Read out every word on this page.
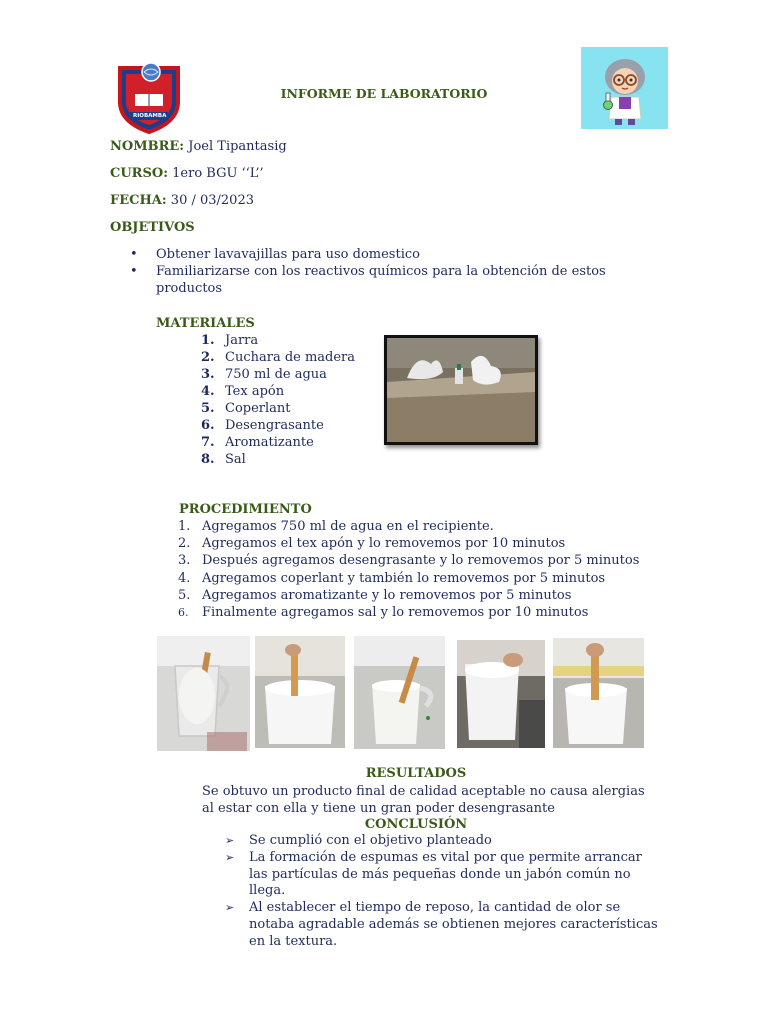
RIOBAMBA
INFORME DE LABORATORIO
NOMBRE: Joel Tipantasig
CURSO: 1ero BGU ‘‘L’’
FECHA: 30 / 03/2023
OBJETIVOS
• Obtener lavavajillas para uso domestico
• Familiarizarse con los reactivos químicos para la obtención de estos productos
MATERIALES
1. Jarra
2. Cuchara de madera
3. 750 ml de agua
4. Tex apón
5. Coperlant
6. Desengrasante
7. Aromatizante
8. Sal
PROCEDIMIENTO
1. Agregamos 750 ml de agua en el recipiente.
2. Agregamos el tex apón y lo removemos por 10 minutos
3. Después agregamos desengrasante y lo removemos por 5 minutos
4. Agregamos coperlant y también lo removemos por 5 minutos
5. Agregamos aromatizante y lo removemos por 5 minutos
6.	Finalmente agregamos sal y lo removemos por 10 minutos
RESULTADOS
Se obtuvo un producto final de calidad aceptable no causa alergias
al estar con ella y tiene un gran poder desengrasante
CONCLUSIÓN
➢ Se cumplió con el objetivo planteado
➢ La formación de espumas es vital por que permite arrancar las partículas de más pequeñas donde un jabón común no llega.
➢ Al establecer el tiempo de reposo, la cantidad de olor se notaba agradable además se obtienen mejores características en la textura.
